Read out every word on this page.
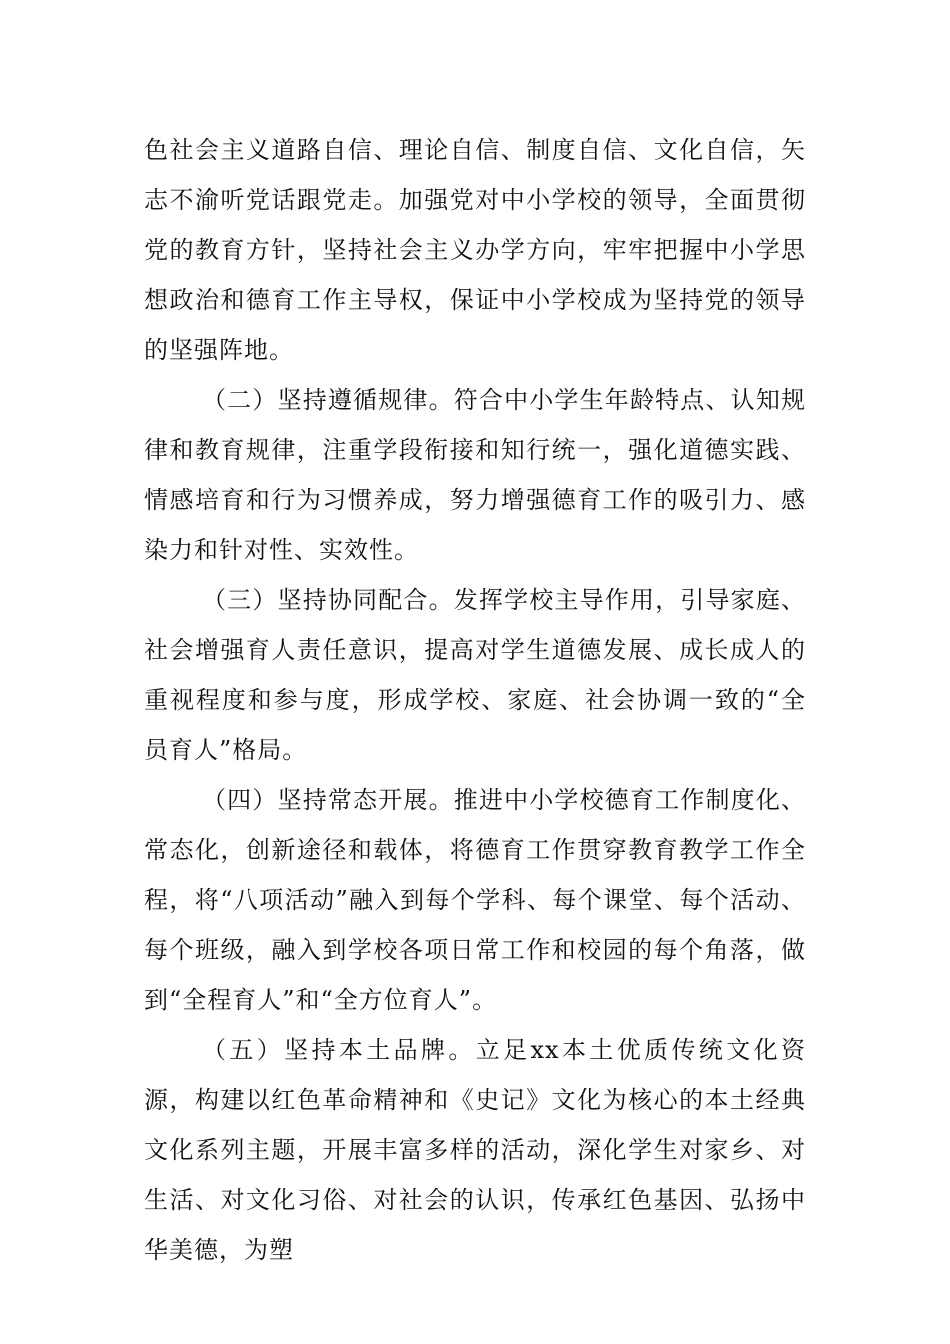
色社会主义道路自信、理论自信、制度自信、文化自信，矢志不渝听党话跟党走。加强党对中小学校的领导，全面贯彻党的教育方针，坚持社会主义办学方向，牢牢把握中小学思想政治和德育工作主导权，保证中小学校成为坚持党的领导的坚强阵地。

（二）坚持遵循规律。符合中小学生年龄特点、认知规律和教育规律，注重学段衔接和知行统一，强化道德实践、情感培育和行为习惯养成，努力增强德育工作的吸引力、感染力和针对性、实效性。

（三）坚持协同配合。发挥学校主导作用，引导家庭、社会增强育人责任意识，提高对学生道德发展、成长成人的重视程度和参与度，形成学校、家庭、社会协调一致的“全员育人”格局。

（四）坚持常态开展。推进中小学校德育工作制度化、常态化，创新途径和载体，将德育工作贯穿教育教学工作全程，将“八项活动”融入到每个学科、每个课堂、每个活动、每个班级，融入到学校各项日常工作和校园的每个角落，做到“全程育人”和“全方位育人”。

（五）坚持本土品牌。立足xx本土优质传统文化资源，构建以红色革命精神和《史记》文化为核心的本土经典文化系列主题，开展丰富多样的活动，深化学生对家乡、对生活、对文化习俗、对社会的认识，传承红色基因、弘扬中华美德，为塑
